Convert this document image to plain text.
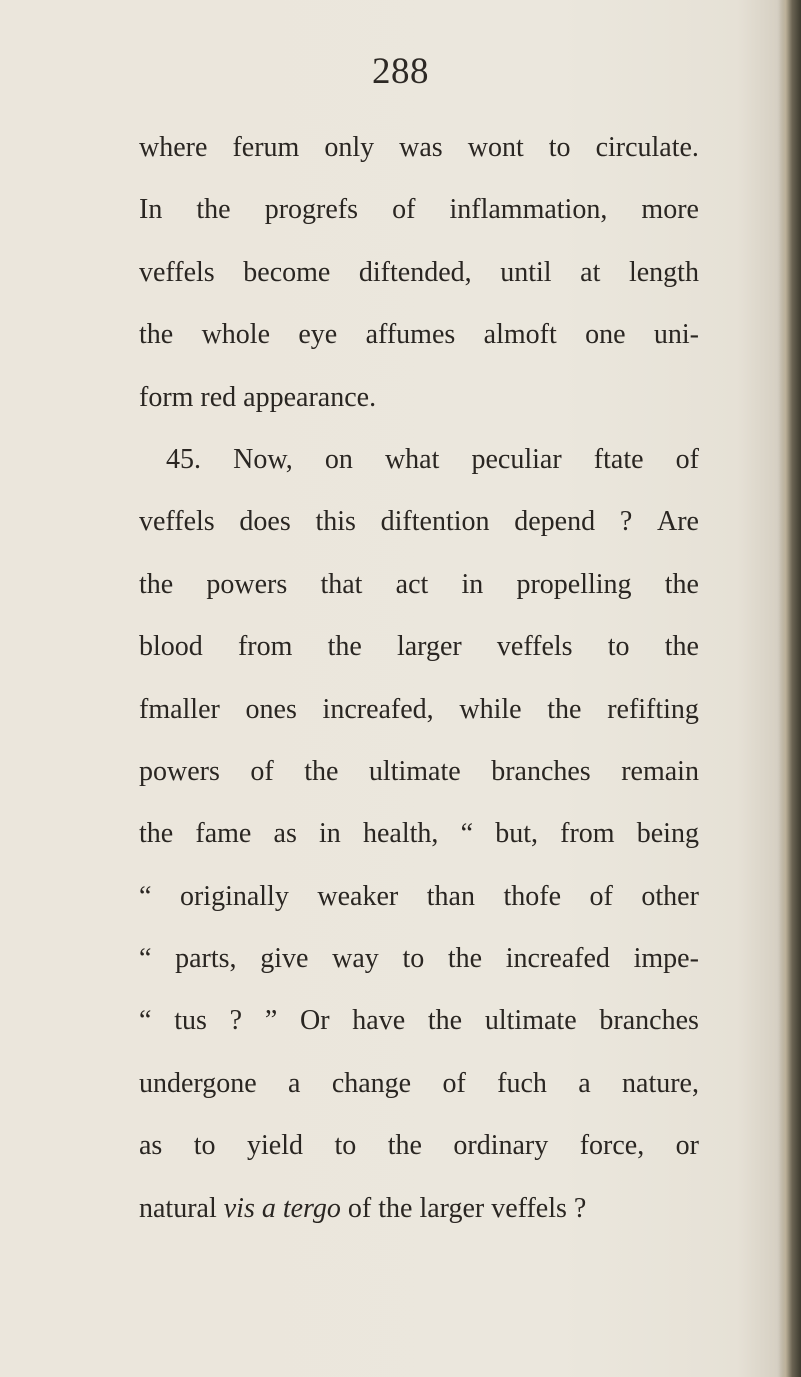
288
where ferum only was wont to circulate.
In the progrefs of inflammation, more
veffels become diftended, until at length
the whole eye affumes almoft one uni-
form red appearance.
45. Now, on what peculiar ftate of
veffels does this diftention depend ? Are
the powers that act in propelling the
blood from the larger veffels to the
fmaller ones increafed, while the refifting
powers of the ultimate branches remain
the fame as in health, “ but, from being
“ originally weaker than thofe of other
“ parts, give way to the increafed impe-
“ tus ? ” Or have the ultimate branches
undergone a change of fuch a nature,
as to yield to the ordinary force, or
natural vis a tergo of the larger veffels ?
